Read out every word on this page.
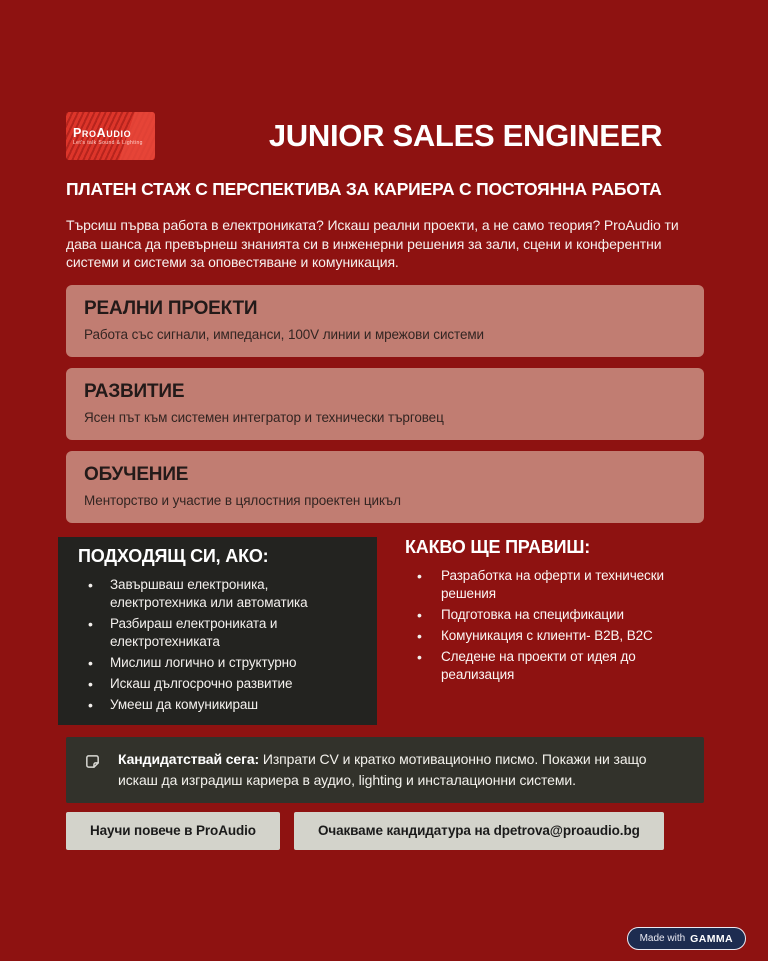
ProAudio
Let's talk Sound & Lighting	JUNIOR SALES ENGINEER
ПЛАТЕН СТАЖ С ПЕРСПЕКТИВА ЗА КАРИЕРА С ПОСТОЯННА РАБОТА

Търсиш първа работа в електрониката? Искаш реални проекти, а не само теория? ProAudio ти дава шанса да превърнеш знанията си в инженерни решения за зали, сцени и конферентни системи и системи за оповестяване и комуникация.

РЕАЛНИ ПРОЕКТИ
Работа със сигнали, импеданси, 100V линии и мрежови системи
РАЗВИТИЕ
Ясен път към системен интегратор и технически търговец
ОБУЧЕНИЕ
Менторство и участие в цялостния проектен цикъл
ПОДХОДЯЩ СИ, АКО:
• Завършваш електроника, електротехника или автоматика
• Разбираш електрониката и електротехниката
• Мислиш логично и структурно
• Искаш дългосрочно развитие
• Умееш да комуникираш
КАКВО ЩЕ ПРАВИШ:
• Разработка на оферти и технически решения
• Подготовка на спецификации
• Комуникация с клиенти- B2B, B2C
• Следене на проекти от идея до реализация

Кандидатствай сега: Изпрати CV и кратко мотивационно писмо. Покажи ни защо искаш да изградиш кариера в аудио, lighting и инсталационни системи.

Научи повече в ProAudio	Очакваме кандидатура на dpetrova@proaudio.bg
Made with GAMMA
